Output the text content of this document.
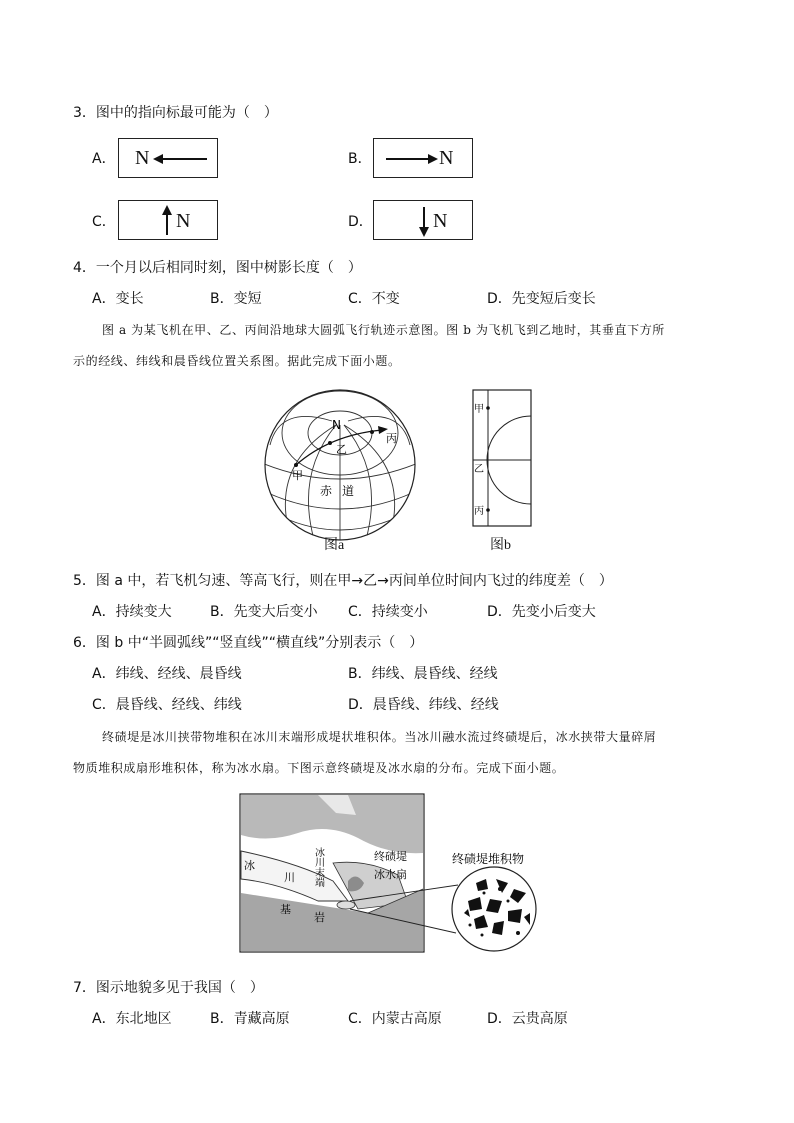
3．图中的指向标最可能为（　）
A． N	B．	N
C．	N	D．	N
4．一个月以后相同时刻，图中树影长度（　）
A．变长	B．变短	C．不变	D．先变短后变长
图 a 为某飞机在甲、乙、丙间沿地球大圆弧飞行轨迹示意图。图 b 为飞机飞到乙地时，其垂直下方所
示的经线、纬线和晨昏线位置关系图。据此完成下面小题。
N
甲
乙
丙
赤 道
图a
甲
乙
丙
图b
5．图 a 中，若飞机匀速、等高飞行，则在甲→乙→丙间单位时间内飞过的纬度差（　）
A．持续变大	B．先变大后变小 C．持续变小	D．先变小后变大
6．图 b 中“半圆弧线”“竖直线”“横直线”分别表示（　）
A．纬线、经线、晨昏线	B．纬线、晨昏线、经线
C．晨昏线、经线、纬线	D．晨昏线、纬线、经线
终碛堤是冰川挟带物堆积在冰川末端形成堤状堆积体。当冰川融水流过终碛堤后，冰水挟带大量碎屑
物质堆积成扇形堆积体，称为冰水扇。下图示意终碛堤及冰水扇的分布。完成下面小题。
终碛堤
冰水扇
冰川末端
冰
川
基
岩
终碛堤堆积物
7．图示地貌多见于我国（　）
A．东北地区	B．青藏高原	C．内蒙古高原	D．云贵高原
